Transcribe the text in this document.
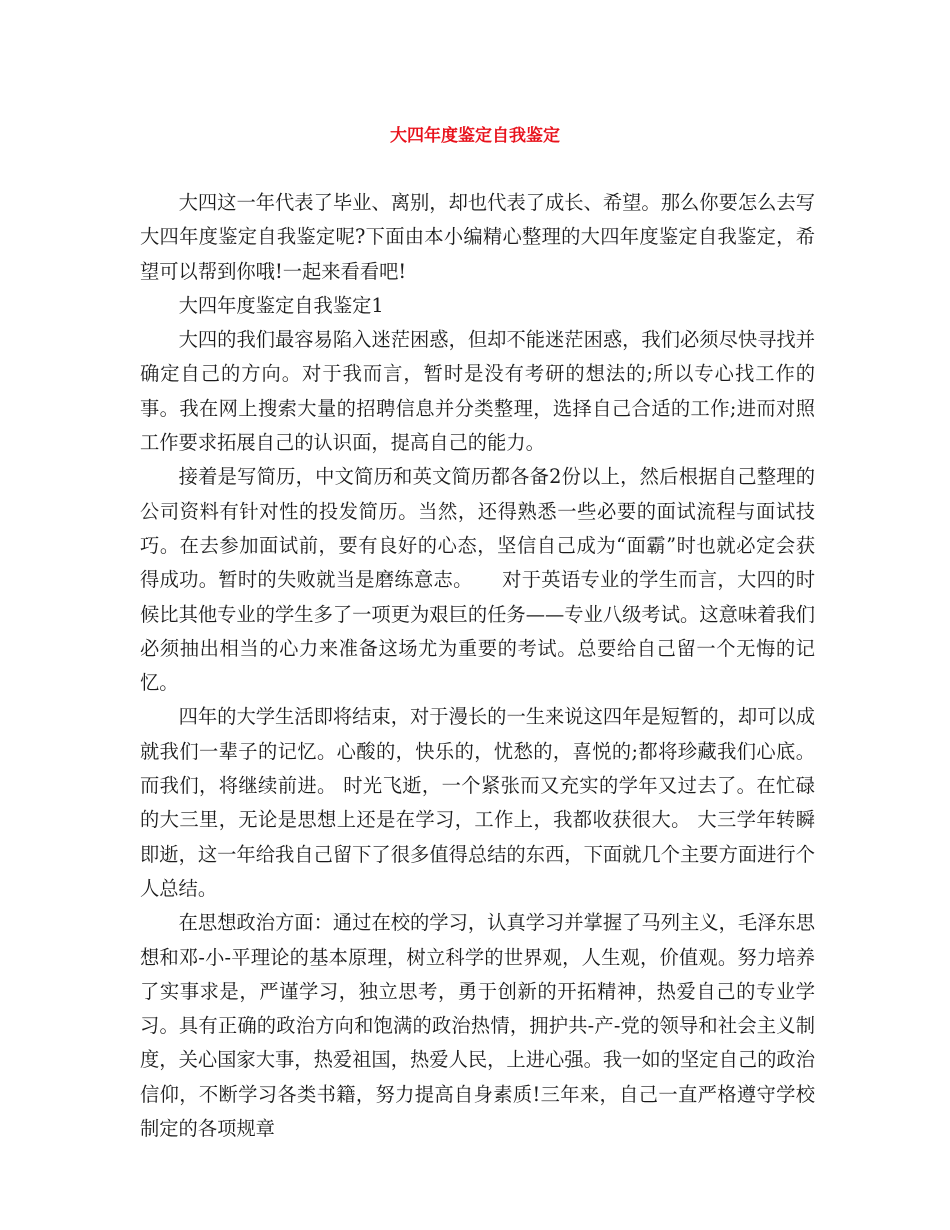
大四年度鉴定自我鉴定

大四这一年代表了毕业、离别，却也代表了成长、希望。那么你要怎么去写大四年度鉴定自我鉴定呢?下面由本小编精心整理的大四年度鉴定自我鉴定，希望可以帮到你哦!一起来看看吧!

大四年度鉴定自我鉴定1

大四的我们最容易陷入迷茫困惑，但却不能迷茫困惑，我们必须尽快寻找并确定自己的方向。对于我而言，暂时是没有考研的想法的;所以专心找工作的事。我在网上搜索大量的招聘信息并分类整理，选择自己合适的工作;进而对照工作要求拓展自己的认识面，提高自己的能力。

接着是写简历，中文简历和英文简历都各备2份以上，然后根据自己整理的公司资料有针对性的投发简历。当然，还得熟悉一些必要的面试流程与面试技巧。在去参加面试前，要有良好的心态，坚信自己成为“面霸”时也就必定会获得成功。暂时的失败就当是磨练意志。　　对于英语专业的学生而言，大四的时候比其他专业的学生多了一项更为艰巨的任务——专业八级考试。这意味着我们必须抽出相当的心力来准备这场尤为重要的考试。总要给自己留一个无悔的记忆。

四年的大学生活即将结束，对于漫长的一生来说这四年是短暂的，却可以成就我们一辈子的记忆。心酸的，快乐的，忧愁的，喜悦的;都将珍藏我们心底。而我们，将继续前进。 时光飞逝，一个紧张而又充实的学年又过去了。在忙碌的大三里，无论是思想上还是在学习，工作上，我都收获很大。 大三学年转瞬即逝，这一年给我自己留下了很多值得总结的东西，下面就几个主要方面进行个人总结。

在思想政治方面：通过在校的学习，认真学习并掌握了马列主义，毛泽东思想和邓-小-平理论的基本原理，树立科学的世界观，人生观，价值观。努力培养了实事求是，严谨学习，独立思考，勇于创新的开拓精神，热爱自己的专业学习。具有正确的政治方向和饱满的政治热情，拥护共-产-党的领导和社会主义制度，关心国家大事，热爱祖国，热爱人民，上进心强。我一如的坚定自己的政治信仰，不断学习各类书籍，努力提高自身素质!三年来，自己一直严格遵守学校制定的各项规章
